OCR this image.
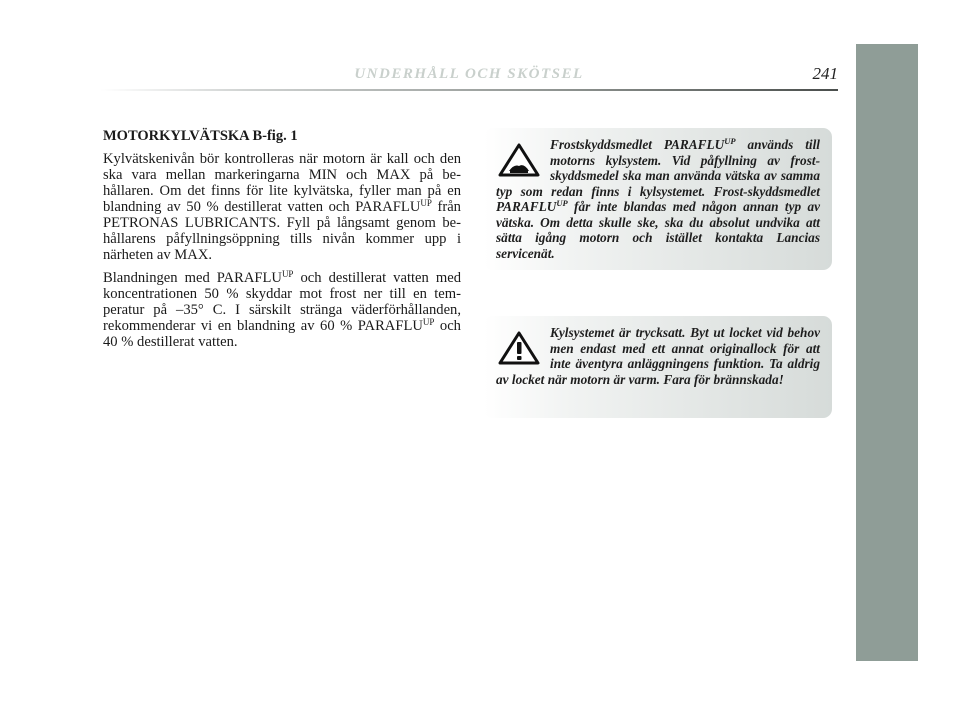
UNDERHÅLL OCH SKÖTSEL	241
MOTORKYLVÄTSKA B-fig. 1

Kylvätskenivån bör kontrolleras när motorn är kall och den ska vara mellan markeringarna MIN och MAX på be-hållaren. Om det finns för lite kylvätska, fyller man på en blandning av 50 % destillerat vatten och $PARAFLU^{UP}$ från PETRONAS LUBRICANTS. Fyll på långsamt genom be-hållarens påfyllningsöppning tills nivån kommer upp i närheten av MAX.

Blandningen med $PARAFLU^{UP}$ och destillerat vatten med koncentrationen 50 % skyddar mot frost ner till en tem-peratur på –35° C. I särskilt stränga väderförhållanden, rekommenderar vi en blandning av 60 % $PARAFLU^{UP}$ och 40 % destillerat vatten.

Frostskyddsmedlet $PARAFLU^{UP}$ används till motorns kylsystem. Vid påfyllning av frost-skyddsmedel ska man använda vätska av samma typ som redan finns i kylsystemet. Frost-skyddsmedlet $PARAFLU^{UP}$ får inte blandas med någon annan typ av vätska. Om detta skulle ske, ska du absolut undvika att sätta igång motorn och istället kontakta Lancias servicenät.
Kylsystemet är trycksatt. Byt ut locket vid behov men endast med ett annat originallock för att inte äventyra anläggningens funktion. Ta aldrig av locket när motorn är varm. Fara för brännskada!
